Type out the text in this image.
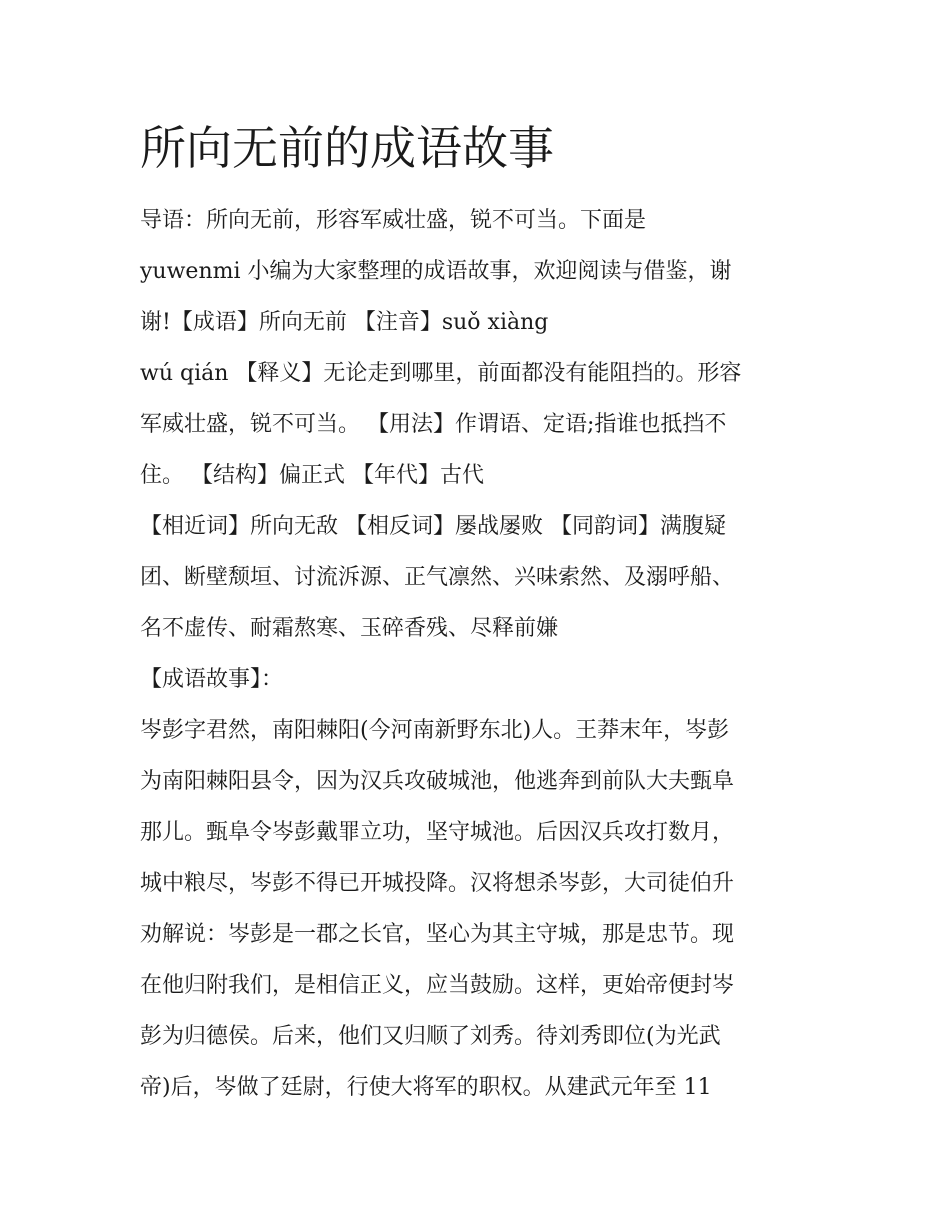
所向无前的成语故事

导语：所向无前，形容军威壮盛，锐不可当。下面是

yuwenmi 小编为大家整理的成语故事，欢迎阅读与借鉴，谢

谢!【成语】所向无前 【注音】suǒ xiàng

wú qián 【释义】无论走到哪里，前面都没有能阻挡的。形容

军威壮盛，锐不可当。 【用法】作谓语、定语;指谁也抵挡不

住。 【结构】偏正式 【年代】古代

【相近词】所向无敌 【相反词】屡战屡败 【同韵词】满腹疑

团、断壁颓垣、讨流泝源、正气凛然、兴味索然、及溺呼船、

名不虚传、耐霜熬寒、玉碎香残、尽释前嫌

【成语故事】：

岑彭字君然，南阳棘阳(今河南新野东北)人。王莽末年，岑彭

为南阳棘阳县令，因为汉兵攻破城池，他逃奔到前队大夫甄阜

那儿。甄阜令岑彭戴罪立功，坚守城池。后因汉兵攻打数月，

城中粮尽，岑彭不得已开城投降。汉将想杀岑彭，大司徒伯升

劝解说：岑彭是一郡之长官，坚心为其主守城，那是忠节。现

在他归附我们，是相信正义，应当鼓励。这样，更始帝便封岑

彭为归德侯。后来，他们又归顺了刘秀。待刘秀即位(为光武

帝)后，岑做了廷尉，行使大将军的职权。从建武元年至 11
